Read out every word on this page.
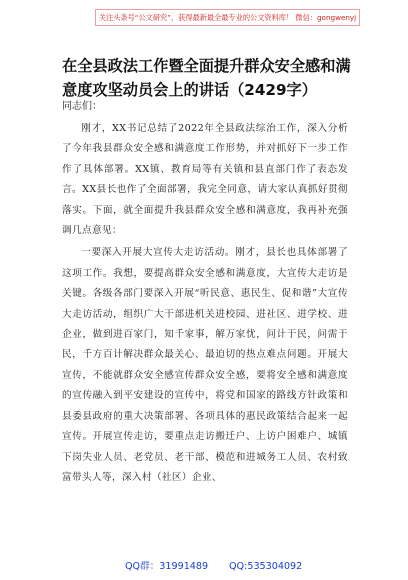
关注头条号“公文研究”，获得最新最全最专业的公文资料库！ 微信：gongwenyj
在全县政法工作暨全面提升群众安全感和满意度攻坚动员会上的讲话（2429字）

同志们：

刚才，XX书记总结了2022年全县政法综治工作，深入分析了今年我县群众安全感和满意度工作形势，并对抓好下一步工作作了具体部署。XX镇、教育局等有关镇和县直部门作了表态发言。XX县长也作了全面部署，我完全同意，请大家认真抓好贯彻落实。下面，就全面提升我县群众安全感和满意度，我再补充强调几点意见：

一要深入开展大宣传大走访活动。刚才，县长也具体部署了这项工作。我想，要提高群众安全感和满意度，大宣传大走访是关键。各级各部门要深入开展“听民意、惠民生、促和谐”大宣传大走访活动，组织广大干部进机关进校园、进社区、进学校、进企业，做到进百家门，知千家事，解万家忧，问计于民，问需于民，千方百计解决群众最关心、最迫切的热点难点问题。开展大宣传，不能就群众安全感宣传群众安全感，要将安全感和满意度的宣传融入到平安建设的宣传中，将党和国家的路线方针政策和县委县政府的重大决策部署、各项具体的惠民政策结合起来一起宣传。开展宣传走访，要重点走访搬迁户、上访户困难户、城镇下岗失业人员、老党员、老干部、模范和进城务工人员、农村致富带头人等，深入村（社区）企业、

QQ群：31991489 QQ:535304092
